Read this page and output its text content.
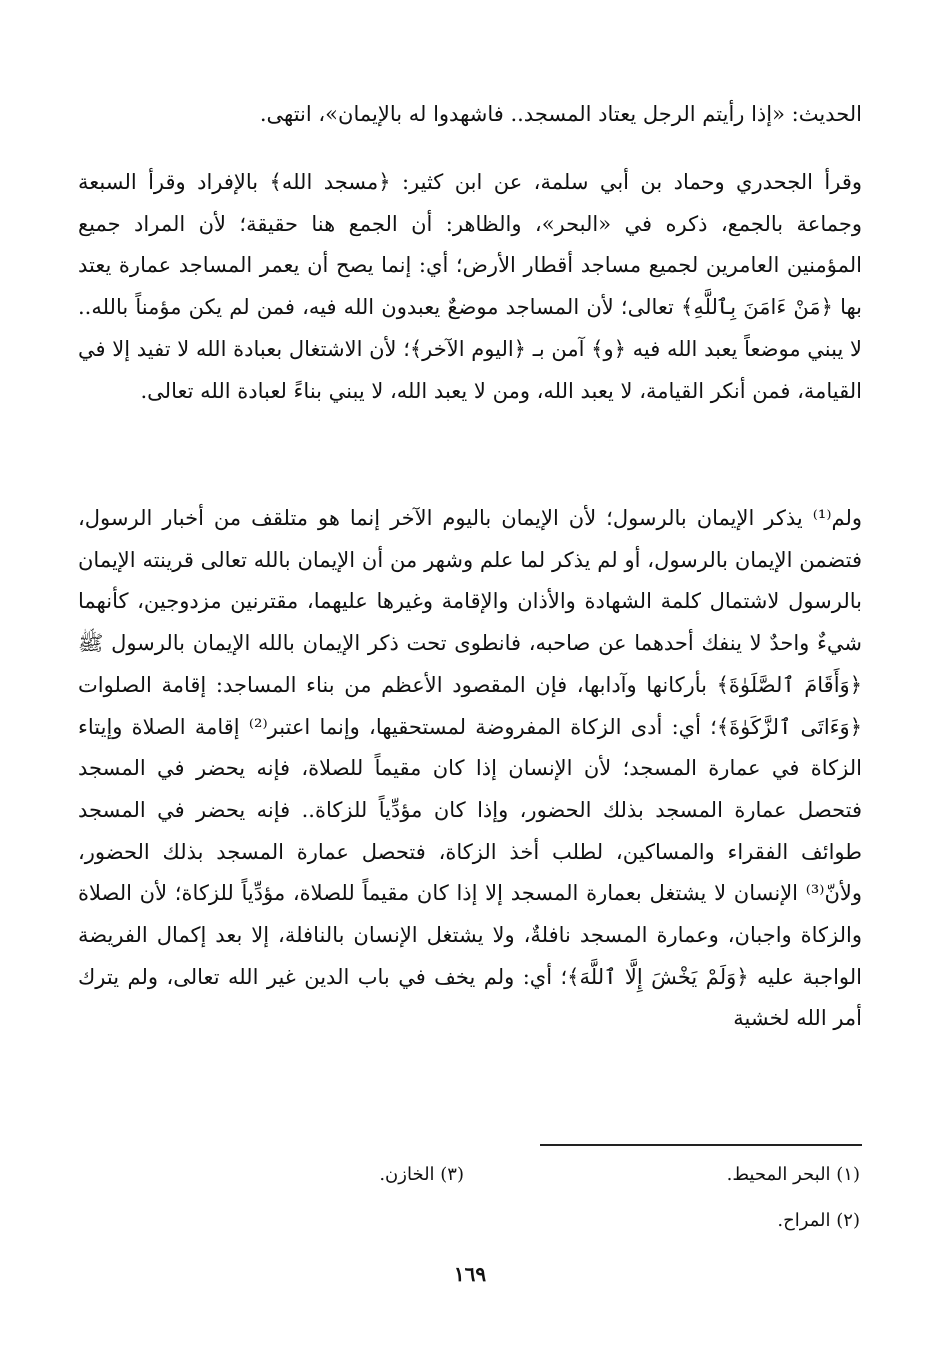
الحديث: «إذا رأيتم الرجل يعتاد المسجد.. فاشهدوا له بالإيمان»، انتهى.

وقرأ الجحدري وحماد بن أبي سلمة، عن ابن كثير: ﴿مسجد الله﴾ بالإفراد وقرأ السبعة وجماعة بالجمع، ذكره في «البحر»، والظاهر: أن الجمع هنا حقيقة؛ لأن المراد جميع المؤمنين العامرين لجميع مساجد أقطار الأرض؛ أي: إنما يصح أن يعمر المساجد عمارة يعتد بها ﴿مَنْ ءَامَنَ بِٱللَّهِ﴾ تعالى؛ لأن المساجد موضعٌ يعبدون الله فيه، فمن لم يكن مؤمناً بالله.. لا يبني موضعاً يعبد الله فيه ﴿و﴾ آمن بـ ﴿اليوم الآخر﴾؛ لأن الاشتغال بعبادة الله لا تفيد إلا في القيامة، فمن أنكر القيامة، لا يعبد الله، ومن لا يعبد الله، لا يبني بناءً لعبادة الله تعالى.

ولم⁽¹⁾ يذكر الإيمان بالرسول؛ لأن الإيمان باليوم الآخر إنما هو متلقف من أخبار الرسول، فتضمن الإيمان بالرسول، أو لم يذكر لما علم وشهر من أن الإيمان بالله تعالى قرينته الإيمان بالرسول لاشتمال كلمة الشهادة والأذان والإقامة وغيرها عليهما، مقترنين مزدوجين، كأنهما شيءٌ واحدٌ لا ينفك أحدهما عن صاحبه، فانطوى تحت ذكر الإيمان بالله الإيمان بالرسول ﷺ ﴿وَأَقَامَ ٱلصَّلَوٰةَ﴾ بأركانها وآدابها، فإن المقصود الأعظم من بناء المساجد: إقامة الصلوات ﴿وَءَاتَى ٱلزَّكَوٰةَ﴾؛ أي: أدى الزكاة المفروضة لمستحقيها، وإنما اعتبر⁽²⁾ إقامة الصلاة وإيتاء الزكاة في عمارة المسجد؛ لأن الإنسان إذا كان مقيماً للصلاة، فإنه يحضر في المسجد فتحصل عمارة المسجد بذلك الحضور، وإذا كان مؤدِّياً للزكاة.. فإنه يحضر في المسجد طوائف الفقراء والمساكين، لطلب أخذ الزكاة، فتحصل عمارة المسجد بذلك الحضور، ولأنّ⁽³⁾ الإنسان لا يشتغل بعمارة المسجد إلا إذا كان مقيماً للصلاة، مؤدِّياً للزكاة؛ لأن الصلاة والزكاة واجبان، وعمارة المسجد نافلةٌ، ولا يشتغل الإنسان بالنافلة، إلا بعد إكمال الفريضة الواجبة عليه ﴿وَلَمْ يَخْشَ إِلَّا ٱللَّهَ﴾؛ أي: ولم يخف في باب الدين غير الله تعالى، ولم يترك أمر الله لخشية

(١) البحر المحيط.
(٣) الخازن.
(٢) المراح.
١٦٩
